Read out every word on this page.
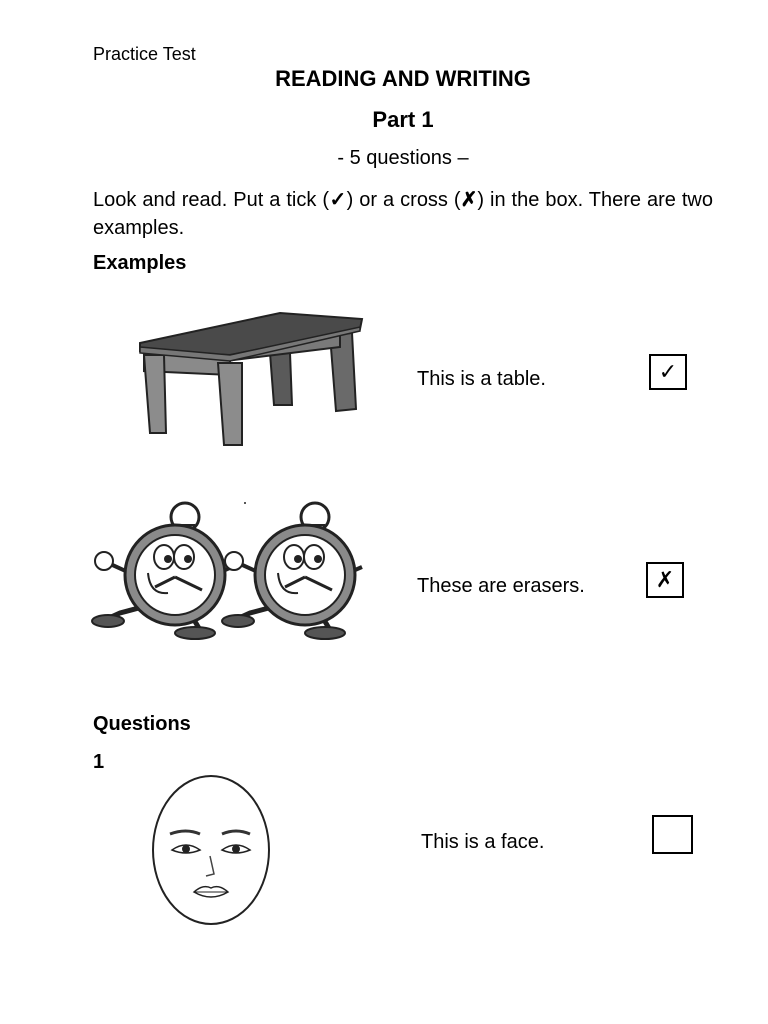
Practice Test
READING AND WRITING
Part 1
- 5 questions –
Look and read. Put a tick (✓) or a cross (✗) in the box. There are two examples.
Examples
This is a table.	✓
These are erasers.	✗
Questions
1
This is a face.
